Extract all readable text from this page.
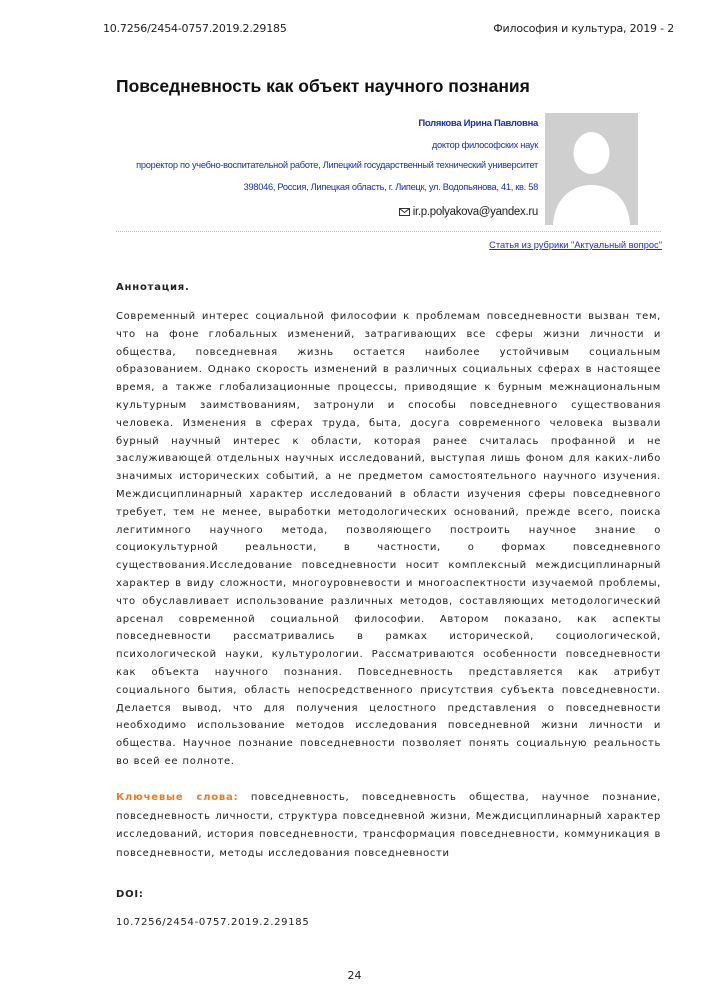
10.7256/2454-0757.2019.2.29185	Философия и культура, 2019 - 2
Повседневность как объект научного познания
Полякова Ирина Павловна
доктор философских наук
проректор по учебно-воспитательной работе, Липецкий государственный технический университет
398046, Россия, Липецкая область, г. Липецк, ул. Водопьянова, 41, кв. 58
ir.p.polyakova@yandex.ru
Статья из рубрики "Актуальный вопрос"
Аннотация.

Современный интерес социальной философии к проблемам повседневности вызван тем, что на фоне глобальных изменений, затрагивающих все сферы жизни личности и общества, повседневная жизнь остается наиболее устойчивым социальным образованием. Однако скорость изменений в различных социальных сферах в настоящее время, а также глобализационные процессы, приводящие к бурным межнациональным культурным заимствованиям, затронули и способы повседневного существования человека. Изменения в сферах труда, быта, досуга современного человека вызвали бурный научный интерес к области, которая ранее считалась профанной и не заслуживающей отдельных научных исследований, выступая лишь фоном для каких-либо значимых исторических событий, а не предметом самостоятельного научного изучения. Междисциплинарный характер исследований в области изучения сферы повседневного требует, тем не менее, выработки методологических оснований, прежде всего, поиска легитимного научного метода, позволяющего построить научное знание о социокультурной реальности, в частности, о формах повседневного существования.Исследование повседневности носит комплексный междисциплинарный характер в виду сложности, многоуровневости и многоаспектности изучаемой проблемы, что обуславливает использование различных методов, составляющих методологический арсенал современной социальной философии. Автором показано, как аспекты повседневности рассматривались в рамках исторической, социологической, психологической науки, культурологии. Рассматриваются особенности повседневности как объекта научного познания. Повседневность представляется как атрибут социального бытия, область непосредственного присутствия субъекта повседневности. Делается вывод, что для получения целостного представления о повседневности необходимо использование методов исследования повседневной жизни личности и общества. Научное познание повседневности позволяет понять социальную реальность во всей ее полноте.

Ключевые слова: повседневность, повседневность общества, научное познание, повседневность личности, структура повседневной жизни, Междисциплинарный характер исследований, история повседневности, трансформация повседневности, коммуникация в повседневности, методы исследования повседневности

DOI:
10.7256/2454-0757.2019.2.29185
24
